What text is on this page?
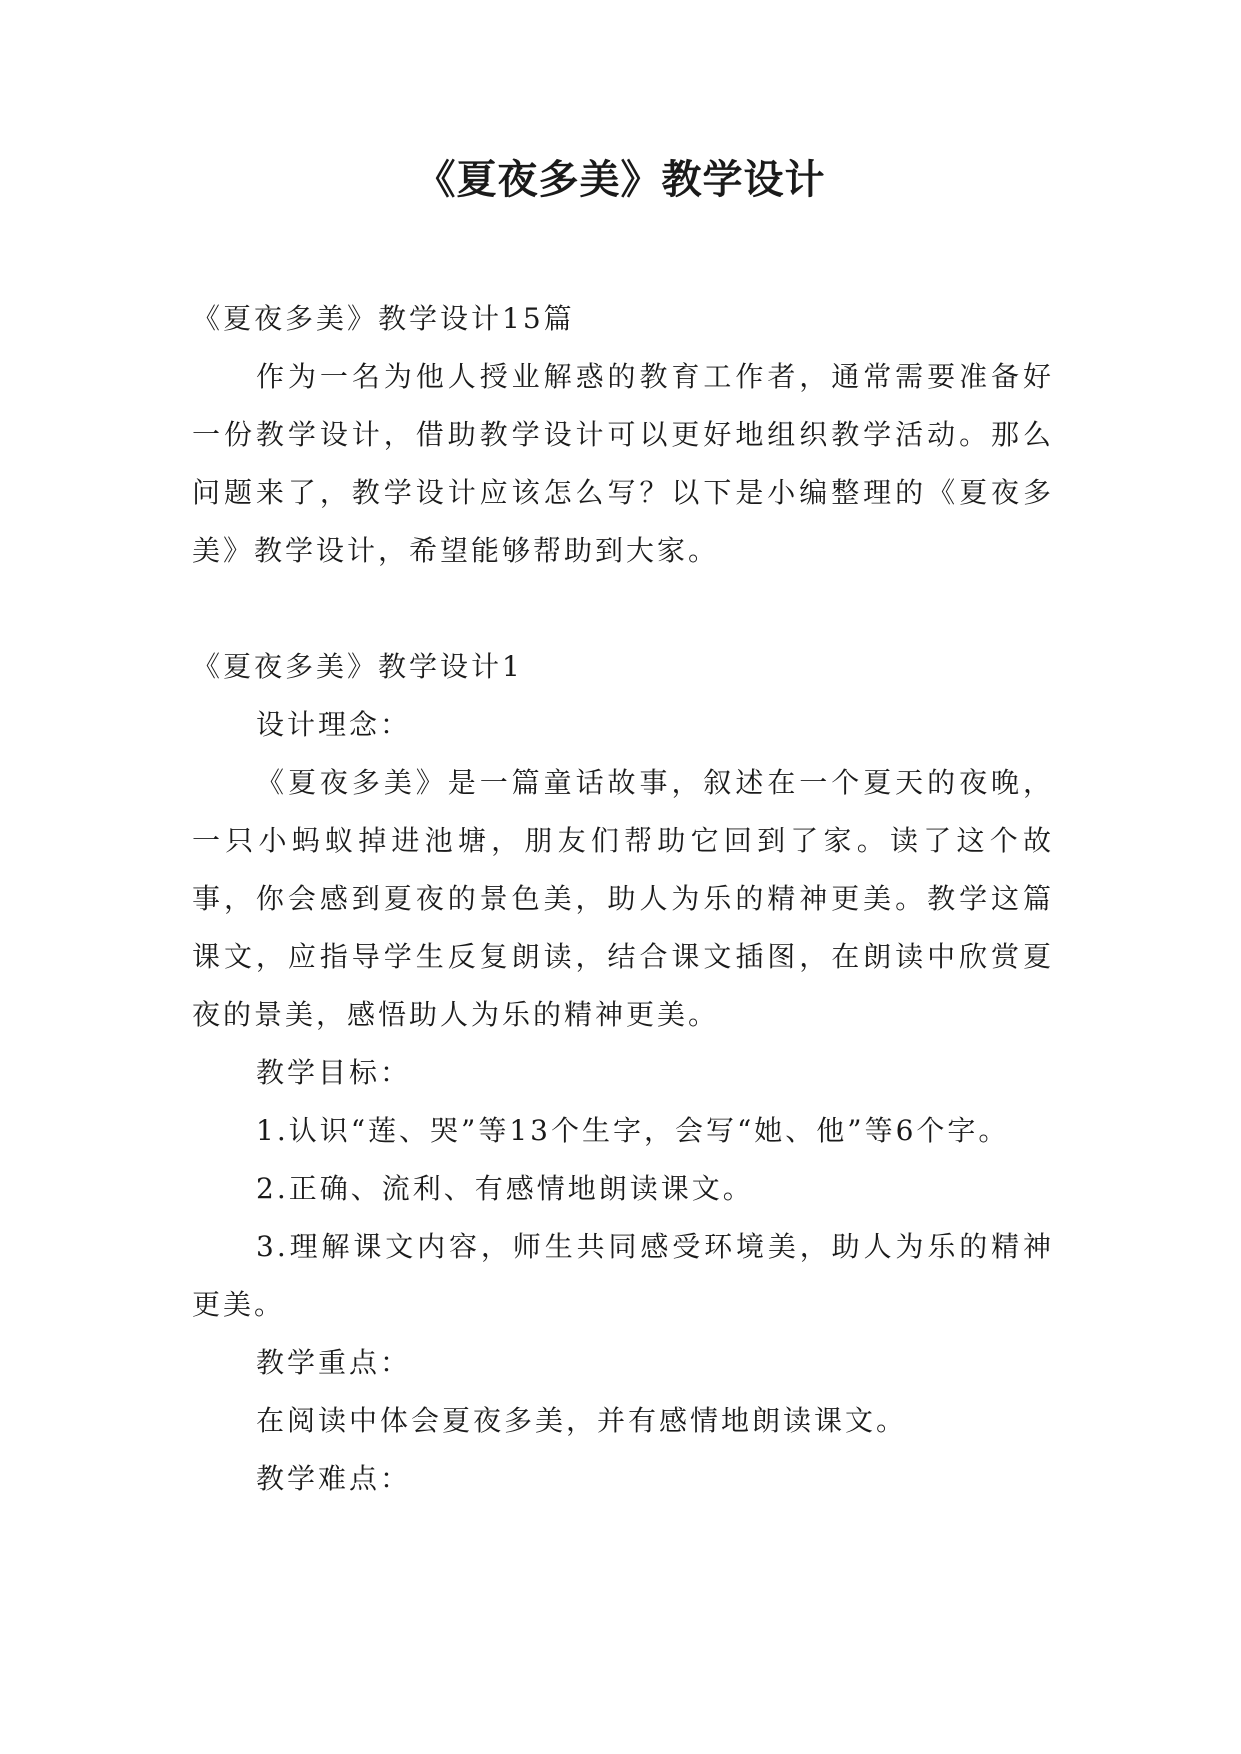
《夏夜多美》教学设计

《夏夜多美》教学设计15篇

作为一名为他人授业解惑的教育工作者，通常需要准备好一份教学设计，借助教学设计可以更好地组织教学活动。那么问题来了，教学设计应该怎么写？以下是小编整理的《夏夜多美》教学设计，希望能够帮助到大家。

《夏夜多美》教学设计1

设计理念：

《夏夜多美》是一篇童话故事，叙述在一个夏天的夜晚，一只小蚂蚁掉进池塘，朋友们帮助它回到了家。读了这个故事，你会感到夏夜的景色美，助人为乐的精神更美。教学这篇课文，应指导学生反复朗读，结合课文插图，在朗读中欣赏夏夜的景美，感悟助人为乐的精神更美。

教学目标：

1.认识“莲、哭”等13个生字，会写“她、他”等6个字。

2.正确、流利、有感情地朗读课文。

3.理解课文内容，师生共同感受环境美，助人为乐的精神更美。

教学重点：

在阅读中体会夏夜多美，并有感情地朗读课文。

教学难点：
